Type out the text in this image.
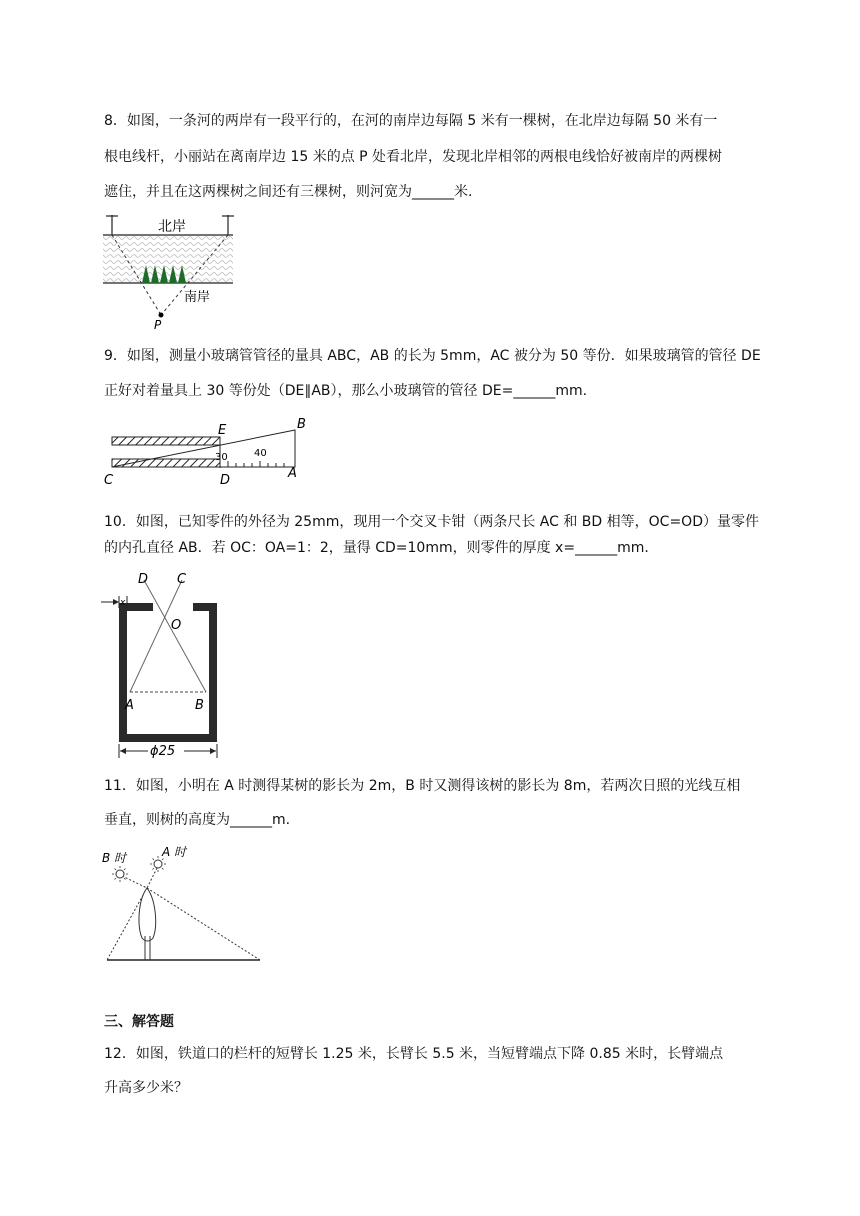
8．如图，一条河的两岸有一段平行的，在河的南岸边每隔 5 米有一棵树，在北岸边每隔 50 米有一
根电线杆，小丽站在离南岸边 15 米的点 P 处看北岸，发现北岸相邻的两根电线恰好被南岸的两棵树
遮住，并且在这两棵树之间还有三棵树，则河宽为______米.
北岸
南岸
P
9．如图，测量小玻璃管管径的量具 ABC，AB 的长为 5mm，AC 被分为 50 等份．如果玻璃管的管径 DE
正好对着量具上 30 等份处（DE∥AB），那么小玻璃管的管径 DE=______mm.
30	40
E	B
C	D	A
10．如图，已知零件的外径为 25mm，现用一个交叉卡钳（两条尺长 AC 和 BD 相等，OC=OD）量零件
的内孔直径 AB．若 OC：OA=1：2，量得 CD=10mm，则零件的厚度 x=______mm.
D C
O
A	B
x
ϕ25
11．如图，小明在 A 时测得某树的影长为 2m，B 时又测得该树的影长为 8m，若两次日照的光线互相
垂直，则树的高度为______m.
B 时	A 时
三、解答题
12．如图，铁道口的栏杆的短臂长 1.25 米，长臂长 5.5 米，当短臂端点下降 0.85 米时，长臂端点
升高多少米？
